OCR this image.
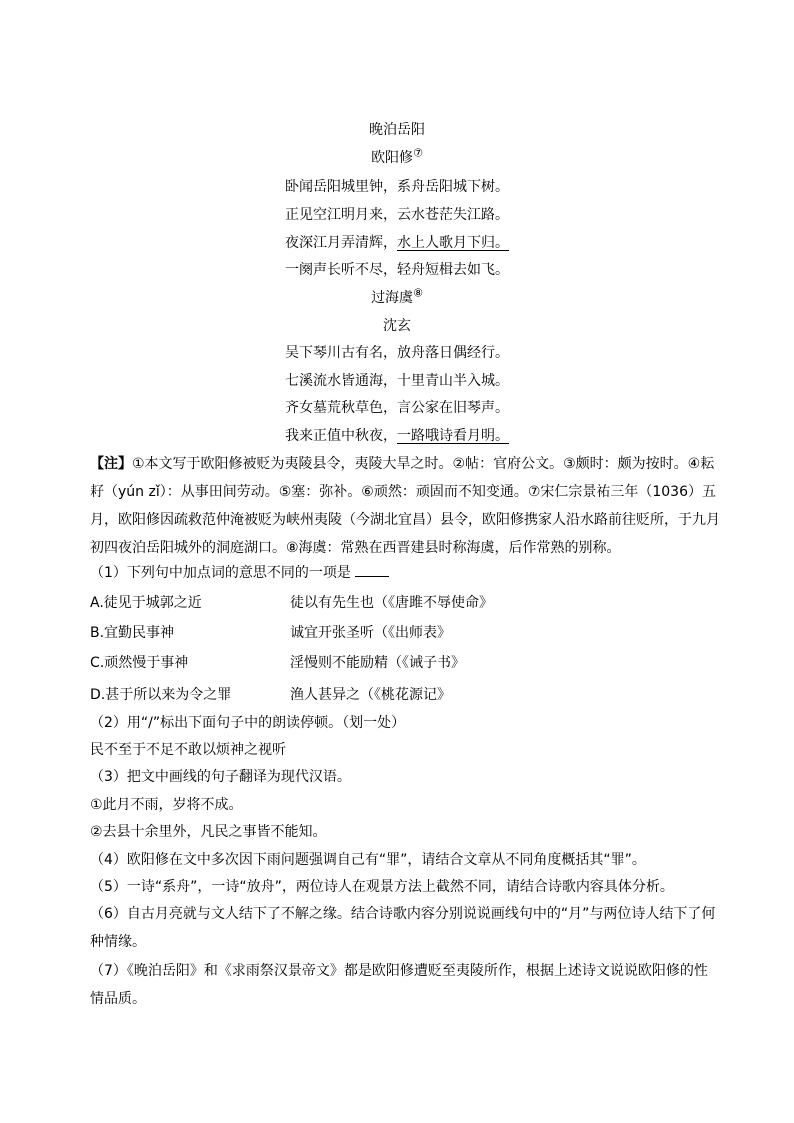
晚泊岳阳
欧阳修⑦
卧闻岳阳城里钟，系舟岳阳城下树。
正见空江明月来，云水苍茫失江路。
夜深江月弄清辉，水上人歌月下归。
一阕声长听不尽，轻舟短楫去如飞。
过海虞⑧
沈玄
吴下琴川古有名，放舟落日偶经行。
七溪流水皆通海，十里青山半入城。
齐女墓荒秋草色，言公家在旧琴声。
我来正值中秋夜，一路哦诗看月明。
【注】①本文写于欧阳修被贬为夷陵县令，夷陵大旱之时。②帖：官府公文。③颇时：颇为按时。④耘耔（yún zǐ）：从事田间劳动。⑤塞：弥补。⑥顽然：顽固而不知变通。⑦宋仁宗景祐三年（1036）五月，欧阳修因疏救范仲淹被贬为峡州夷陵（今湖北宜昌）县令，欧阳修携家人沿水路前往贬所，于九月初四夜泊岳阳城外的洞庭湖口。⑧海虞：常熟在西晋建县时称海虞，后作常熟的别称。
（1）下列句中加点词的意思不同的一项是
A.徒见于城郭之近	徒以有先生也（《唐雎不辱使命》
B.宜勤民事神	诚宜开张圣听（《出师表》
C.顽然慢于事神	淫慢则不能励精（《诫子书》
D.甚于所以来为令之罪	渔人甚异之（《桃花源记》
（2）用“/”标出下面句子中的朗读停顿。（划一处）
民不至于不足不敢以烦神之视听
（3）把文中画线的句子翻译为现代汉语。
①此月不雨，岁将不成。
②去县十余里外，凡民之事皆不能知。
（4）欧阳修在文中多次因下雨问题强调自己有“罪”，请结合文章从不同角度概括其“罪”。
（5）一诗“系舟”，一诗“放舟”，两位诗人在观景方法上截然不同，请结合诗歌内容具体分析。
（6）自古月亮就与文人结下了不解之缘。结合诗歌内容分别说说画线句中的“月”与两位诗人结下了何种情缘。
（7）《晚泊岳阳》和《求雨祭汉景帝文》都是欧阳修遭贬至夷陵所作，根据上述诗文说说欧阳修的性情品质。
